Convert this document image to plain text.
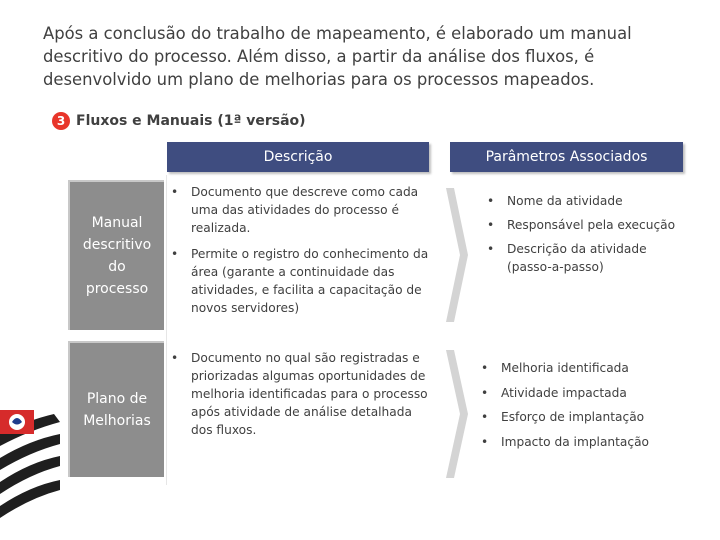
Após a conclusão do trabalho de mapeamento, é elaborado um manual
descritivo do processo. Além disso, a partir da análise dos fluxos, é
desenvolvido um plano de melhorias para os processos mapeados.
3 Fluxos e Manuais (1ª versão)
Descrição	Parâmetros Associados
Manual
descritivo
do
processo
• Documento que descreve como cada uma das atividades do processo é realizada.
• Permite o registro do conhecimento da área (garante a continuidade das atividades, e facilita a capacitação de novos servidores)
• Nome da atividade
• Responsável pela execução
• Descrição da atividade (passo-a-passo)
Plano de
Melhorias
• Documento no qual são registradas e priorizadas algumas oportunidades de melhoria identificadas para o processo após atividade de análise detalhada dos fluxos.
• Melhoria identificada
• Atividade impactada
• Esforço de implantação
• Impacto da implantação
